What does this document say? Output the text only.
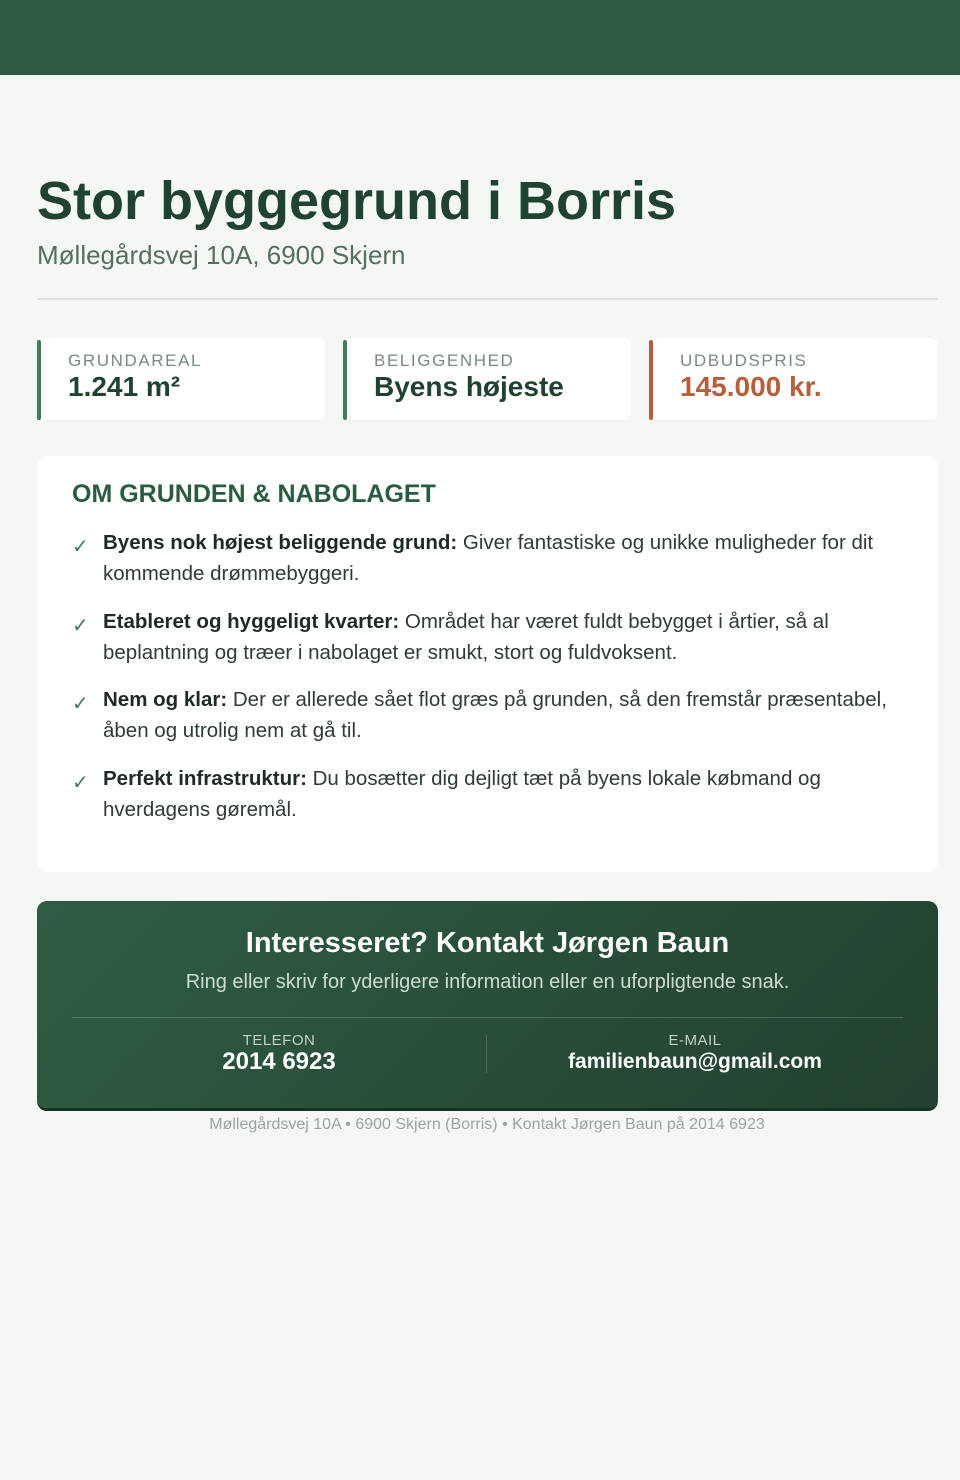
Stor byggegrund i Borris
Møllegårdsvej 10A, 6900 Skjern
GRUNDAREAL
1.241 m²
BELIGGENHED
Byens højeste
UDBUDSPRIS
145.000 kr.
OM GRUNDEN & NABOLAGET
✓ Byens nok højest beliggende grund: Giver fantastiske og unikke muligheder for dit kommende drømmebyggeri.
✓ Etableret og hyggeligt kvarter: Området har været fuldt bebygget i årtier, så al beplantning og træer i nabolaget er smukt, stort og fuldvoksent.
✓ Nem og klar: Der er allerede sået flot græs på grunden, så den fremstår præsentabel, åben og utrolig nem at gå til.
✓ Perfekt infrastruktur: Du bosætter dig dejligt tæt på byens lokale købmand og hverdagens gøremål.
Interesseret? Kontakt Jørgen Baun
Ring eller skriv for yderligere information eller en uforpligtende snak.
TELEFON
2014 6923
E-MAIL
familienbaun@gmail.com
Møllegårdsvej 10A • 6900 Skjern (Borris) • Kontakt Jørgen Baun på 2014 6923
